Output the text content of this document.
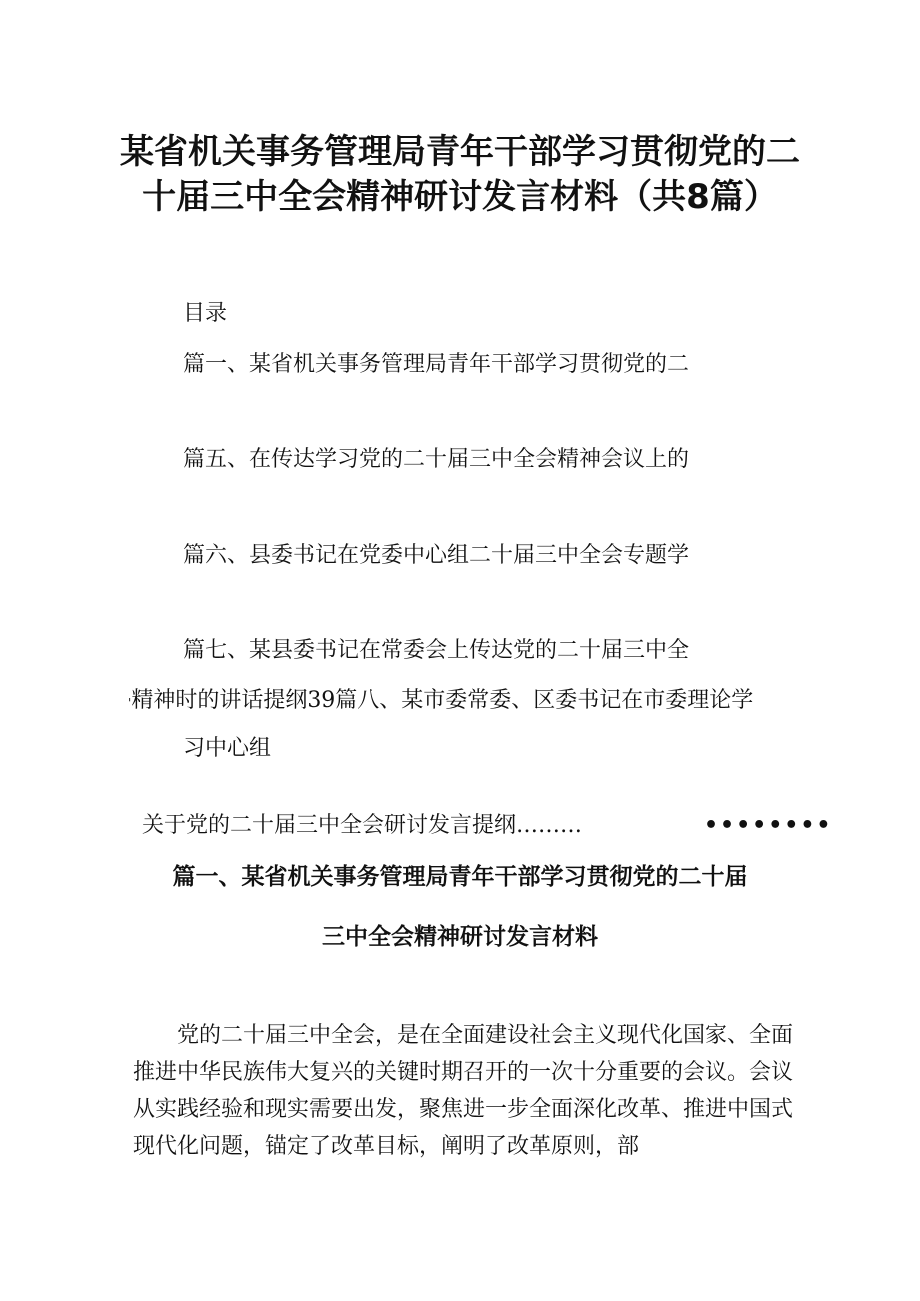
某省机关事务管理局青年干部学习贯彻党的二十届三中全会精神研讨发言材料（共8篇）

目录

篇一、某省机关事务管理局青年干部学习贯彻党的二

篇五、在传达学习党的二十届三中全会精神会议上的

篇六、县委书记在党委中心组二十届三中全会专题学

篇七、某县委书记在常委会上传达党的二十届三中全

'精神时的讲话提纲39篇八、某市委常委、区委书记在市委理论学

习中心组

关于党的二十届三中全会研讨发言提纲………	••••••••

篇一、某省机关事务管理局青年干部学习贯彻党的二十届
三中全会精神研讨发言材料

党的二十届三中全会，是在全面建设社会主义现代化国家、全面推进中华民族伟大复兴的关键时期召开的一次十分重要的会议。会议从实践经验和现实需要出发，聚焦进一步全面深化改革、推进中国式现代化问题，锚定了改革目标，阐明了改革原则，部
